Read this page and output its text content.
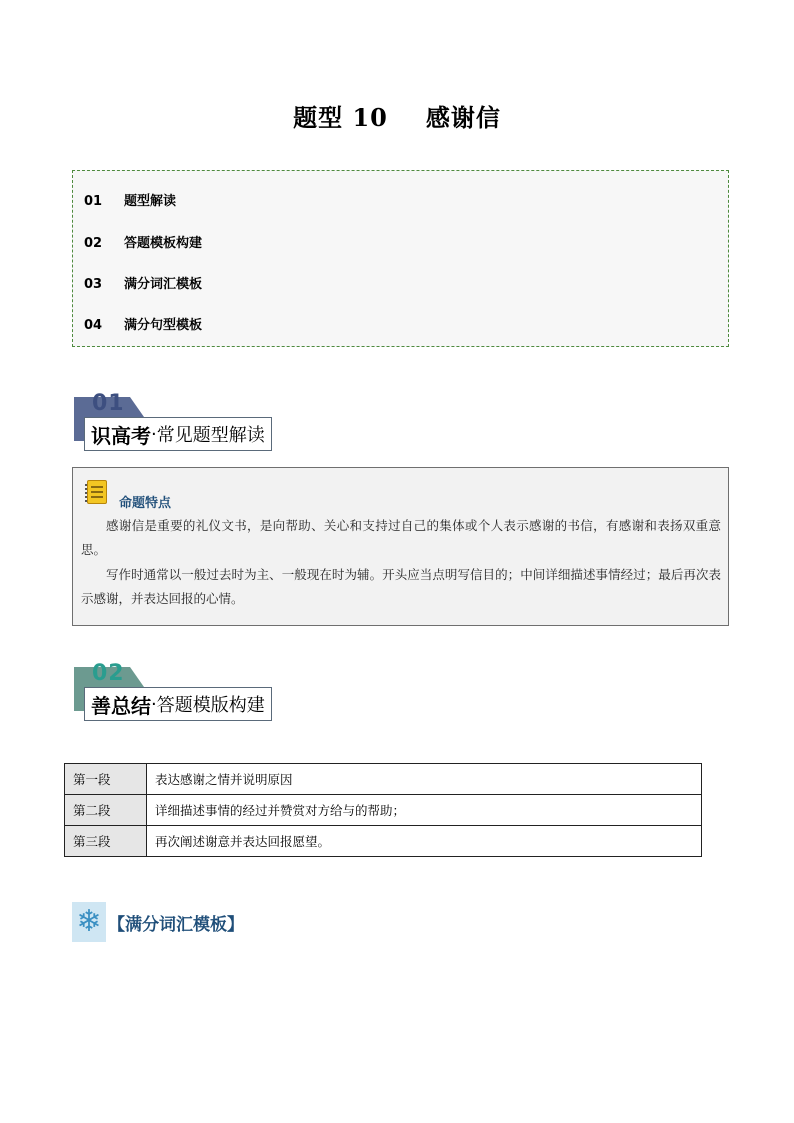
题型 10 感谢信
01 题型解读
02 答题模板构建
03 满分词汇模板
04 满分句型模板
01
识高考 · 常见题型解读
命题特点

感谢信是重要的礼仪文书，是向帮助、关心和支持过自己的集体或个人表示感谢的书信，有感谢和表扬双重意思。

写作时通常以一般过去时为主、一般现在时为辅。开头应当点明写信目的；中间详细描述事情经过；最后再次表示感谢，并表达回报的心情。

02
善总结 · 答题模版构建
第一段	表达感谢之情并说明原因
第二段	详细描述事情的经过并赞赏对方给与的帮助；
第三段	再次阐述谢意并表达回报愿望。
❄ 【满分词汇模板】
